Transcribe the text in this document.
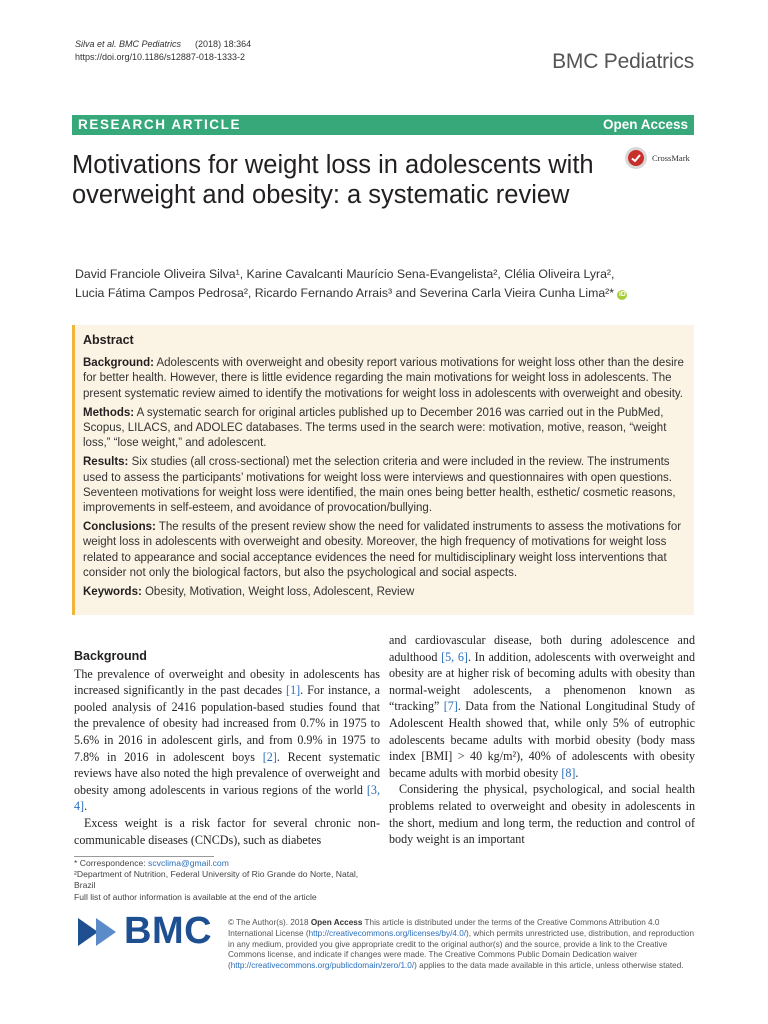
Silva et al. BMC Pediatrics (2018) 18:364
https://doi.org/10.1186/s12887-018-1333-2	BMC Pediatrics
RESEARCH ARTICLE	Open Access
Motivations for weight loss in adolescents with overweight and obesity: a systematic review
CrossMark
David Franciole Oliveira Silva¹, Karine Cavalcanti Maurício Sena-Evangelista², Clélia Oliveira Lyra²,
Lucia Fátima Campos Pedrosa², Ricardo Fernando Arrais³ and Severina Carla Vieira Cunha Lima²* iD
Abstract

Background: Adolescents with overweight and obesity report various motivations for weight loss other than the desire for better health. However, there is little evidence regarding the main motivations for weight loss in adolescents. The present systematic review aimed to identify the motivations for weight loss in adolescents with overweight and obesity.

Methods: A systematic search for original articles published up to December 2016 was carried out in the PubMed, Scopus, LILACS, and ADOLEC databases. The terms used in the search were: motivation, motive, reason, “weight loss,” “lose weight,” and adolescent.

Results: Six studies (all cross-sectional) met the selection criteria and were included in the review. The instruments used to assess the participants’ motivations for weight loss were interviews and questionnaires with open questions. Seventeen motivations for weight loss were identified, the main ones being better health, esthetic/ cosmetic reasons, improvements in self-esteem, and avoidance of provocation/bullying.

Conclusions: The results of the present review show the need for validated instruments to assess the motivations for weight loss in adolescents with overweight and obesity. Moreover, the high frequency of motivations for weight loss related to appearance and social acceptance evidences the need for multidisciplinary weight loss interventions that consider not only the biological factors, but also the psychological and social aspects.

Keywords: Obesity, Motivation, Weight loss, Adolescent, Review

Background

The prevalence of overweight and obesity in adolescents has increased significantly in the past decades [1]. For instance, a pooled analysis of 2416 population-based studies found that the prevalence of obesity had increased from 0.7% in 1975 to 5.6% in 2016 in adolescent girls, and from 0.9% in 1975 to 7.8% in 2016 in adolescent boys [2]. Recent systematic reviews have also noted the high prevalence of overweight and obesity among adolescents in various regions of the world [3, 4].

Excess weight is a risk factor for several chronic non-communicable diseases (CNCDs), such as diabetes

and cardiovascular disease, both during adolescence and adulthood [5, 6]. In addition, adolescents with overweight and obesity are at higher risk of becoming adults with obesity than normal-weight adolescents, a phenomenon known as “tracking” [7]. Data from the National Longitudinal Study of Adolescent Health showed that, while only 5% of eutrophic adolescents became adults with morbid obesity (body mass index [BMI] > 40 kg/m²), 40% of adolescents with obesity became adults with morbid obesity [8].

Considering the physical, psychological, and social health problems related to overweight and obesity in adolescents in the short, medium and long term, the reduction and control of body weight is an important

* Correspondence: scvclima@gmail.com
²Department of Nutrition, Federal University of Rio Grande do Norte, Natal, Brazil
Full list of author information is available at the end of the article
BMC © The Author(s). 2018 Open Access This article is distributed under the terms of the Creative Commons Attribution 4.0 International License (http://creativecommons.org/licenses/by/4.0/), which permits unrestricted use, distribution, and reproduction in any medium, provided you give appropriate credit to the original author(s) and the source, provide a link to the Creative Commons license, and indicate if changes were made. The Creative Commons Public Domain Dedication waiver (http://creativecommons.org/publicdomain/zero/1.0/) applies to the data made available in this article, unless otherwise stated.
